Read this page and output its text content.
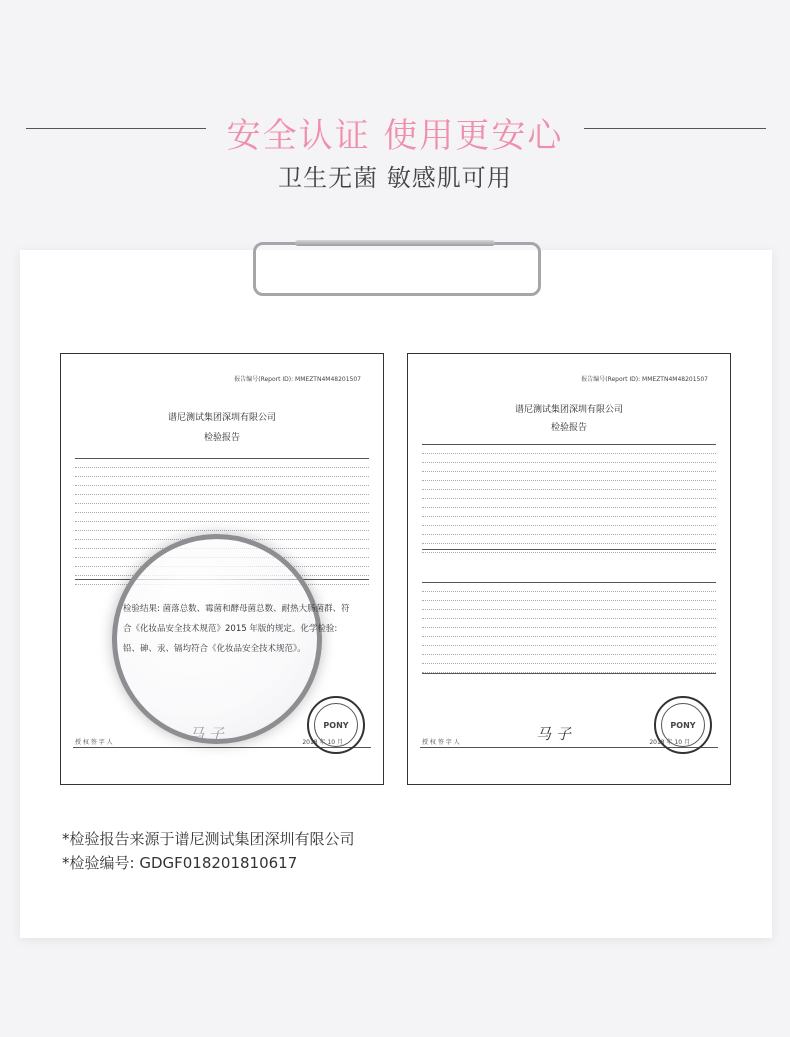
安全认证 使用更安心
卫生无菌 敏感肌可用
报告编号(Report ID): MMEZTN4M48201507
谱尼测试集团深圳有限公司
检验报告
授 权 签 字 人	2018 年 10 月
PONY
报告编号(Report ID): MMEZTN4M48201507
谱尼测试集团深圳有限公司
检验报告
授 权 签 字 人	马 子	2018 年 10 月
PONY
检验结果: 菌落总数、霉菌和酵母菌总数、耐热大肠菌群、符合《化妆品安全技术规范》2015 年版的规定。化学检验: 铅、砷、汞、镉均符合《化妆品安全技术规范》。
*检验报告来源于谱尼测试集团深圳有限公司
*检验编号: GDGF018201810617
